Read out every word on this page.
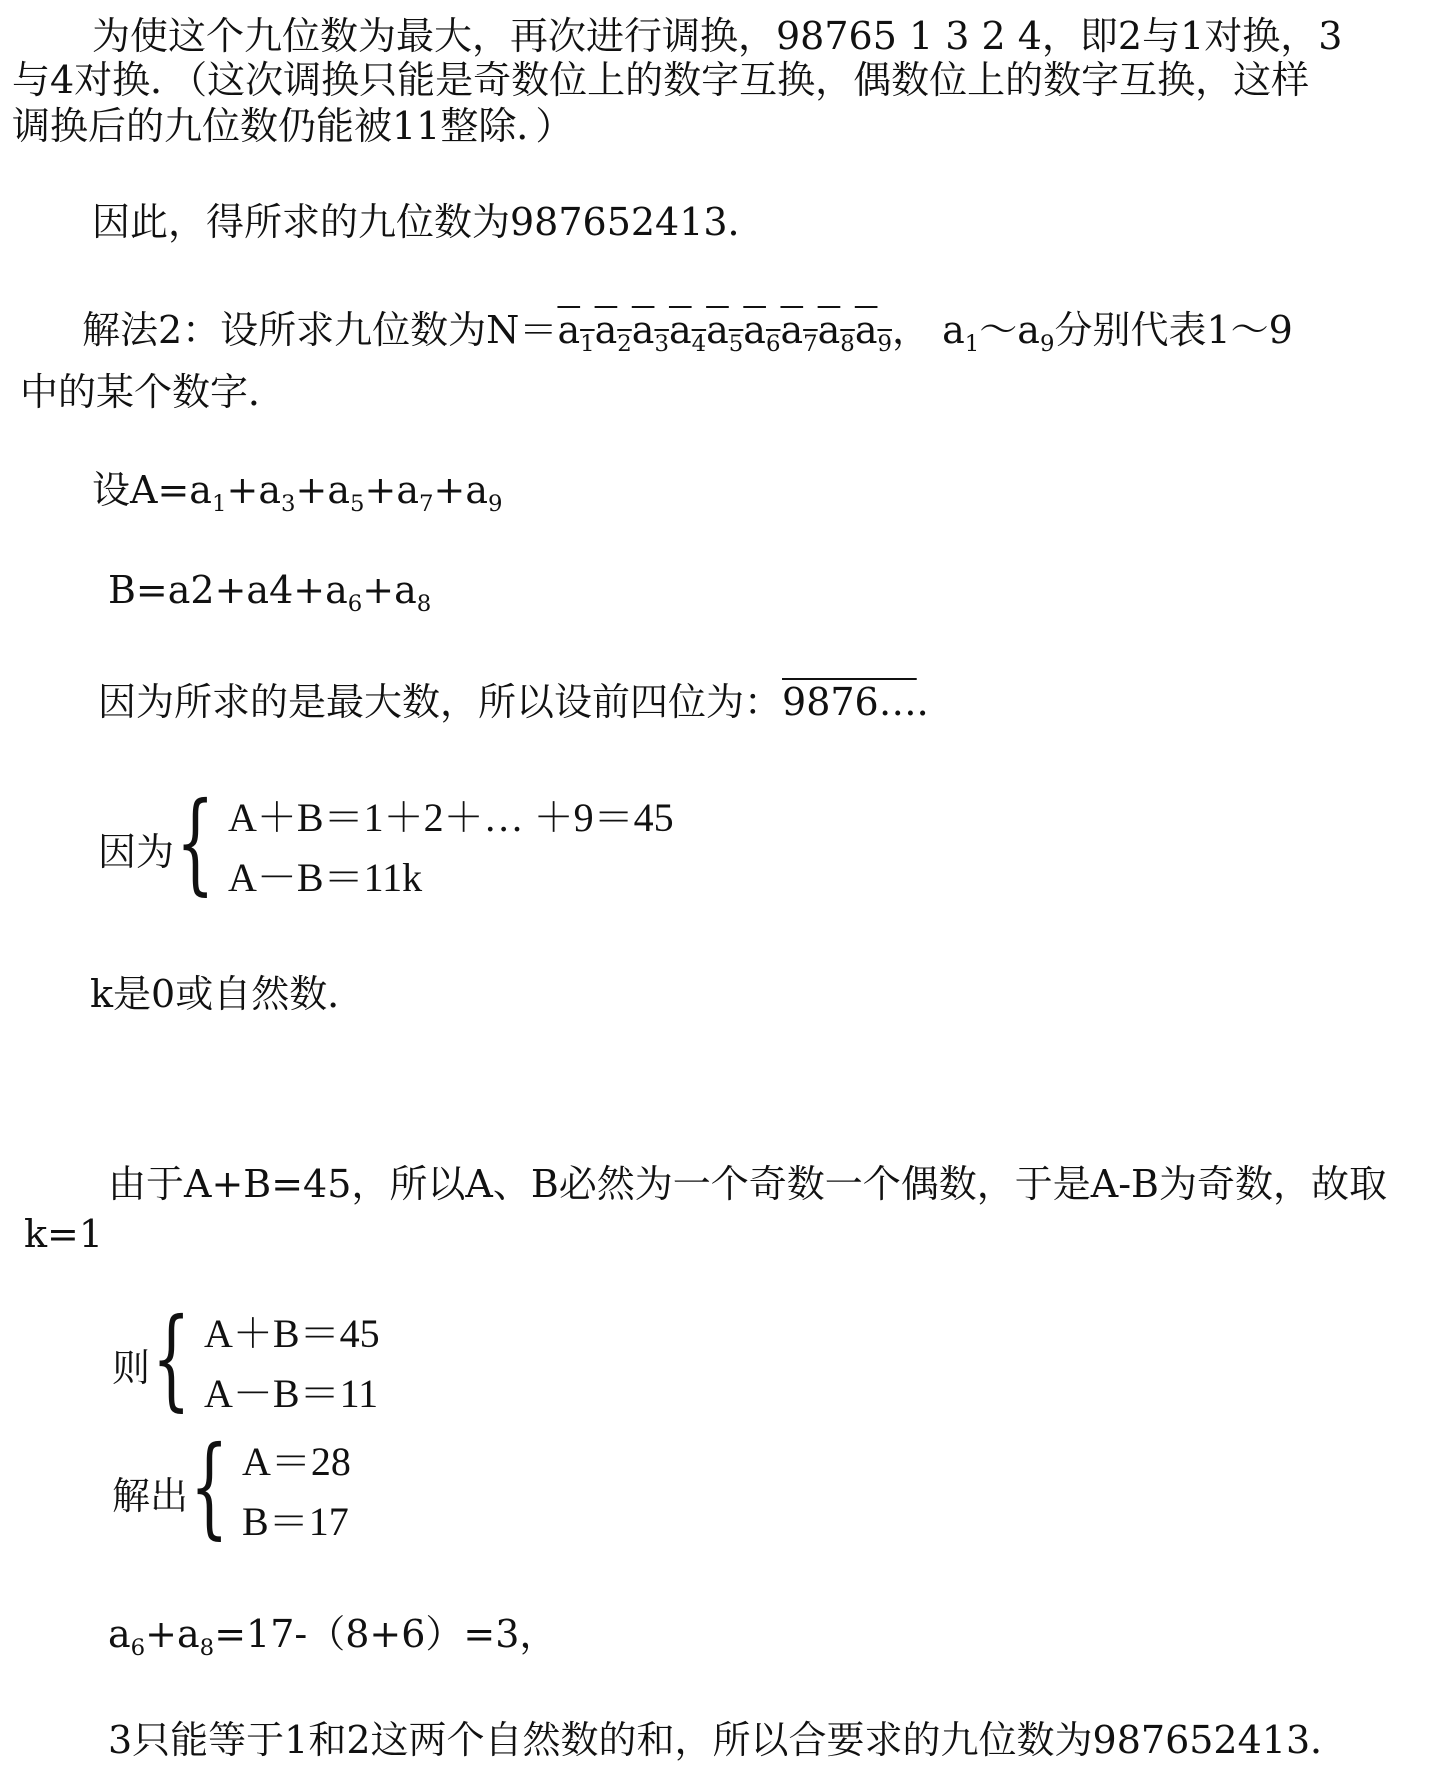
为使这个九位数为最大，再次进行调换，98765 1 3 2 4，即2与1对换，3
与4对换．（这次调换只能是奇数位上的数字互换，偶数位上的数字互换，这样
调换后的九位数仍能被11整除．）
因此，得所求的九位数为987652413．
解法2：设所求九位数为$N=a_1a_2a_3a_4a_5a_6a_7a_8a_9$， $a_1\sim a_9$分别代表1～9
中的某个数字．
设$A=a_1+a_3+a_5+a_7+a_9$
$B=a2+a4+a_6+a_8$
因为所求的是最大数，所以设前四位为：9876…．
因为 { A＋B＝1＋2＋… ＋9＝45
A－B＝11k
k是0或自然数．
由于A+B=45，所以A、B必然为一个奇数一个偶数，于是A-B为奇数，故取
k=1
则 { A＋B＝45
A－B＝11
解出 { A＝28
B＝17
$a_6+a_8=17-(8+6)=3$，
3只能等于1和2这两个自然数的和，所以合要求的九位数为987652413．
